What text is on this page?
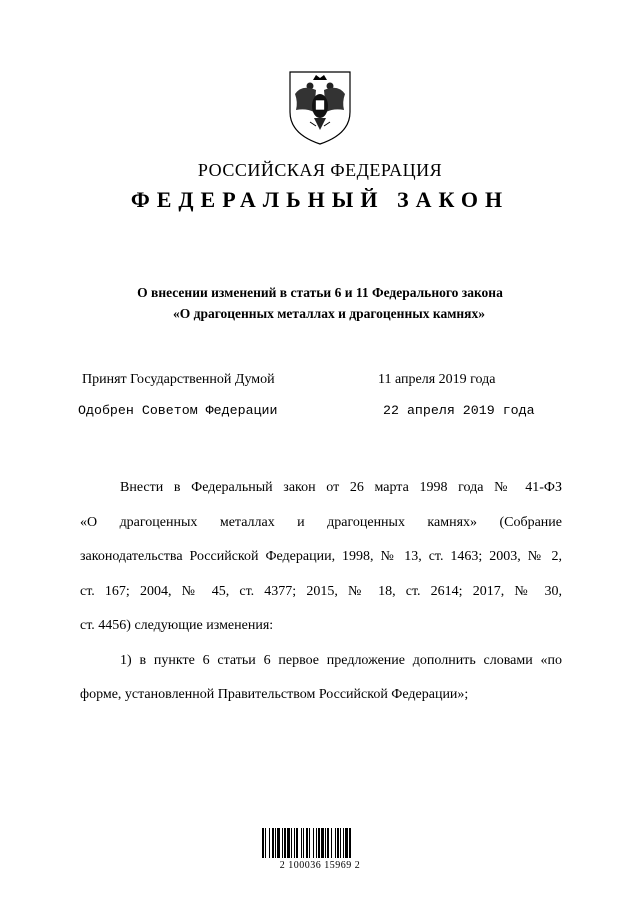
РОССИЙСКАЯ ФЕДЕРАЦИЯ
ФЕДЕРАЛЬНЫЙ ЗАКОН
О внесении изменений в статьи 6 и 11 Федерального закона
«О драгоценных металлах и драгоценных камнях»
Принят Государственной Думой	11 апреля 2019 года
Одобрен Советом Федерации	22 апреля 2019 года

Внести в Федеральный закон от 26 марта 1998 года № 41-ФЗ

«О драгоценных металлах и драгоценных камнях» (Собрание

законодательства Российской Федерации, 1998, № 13, ст. 1463; 2003, № 2,

ст. 167; 2004, № 45, ст. 4377; 2015, № 18, ст. 2614; 2017, № 30,

ст. 4456) следующие изменения:

1) в пункте 6 статьи 6 первое предложение дополнить словами «по

форме, установленной Правительством Российской Федерации»;

2 100036 15969 2
